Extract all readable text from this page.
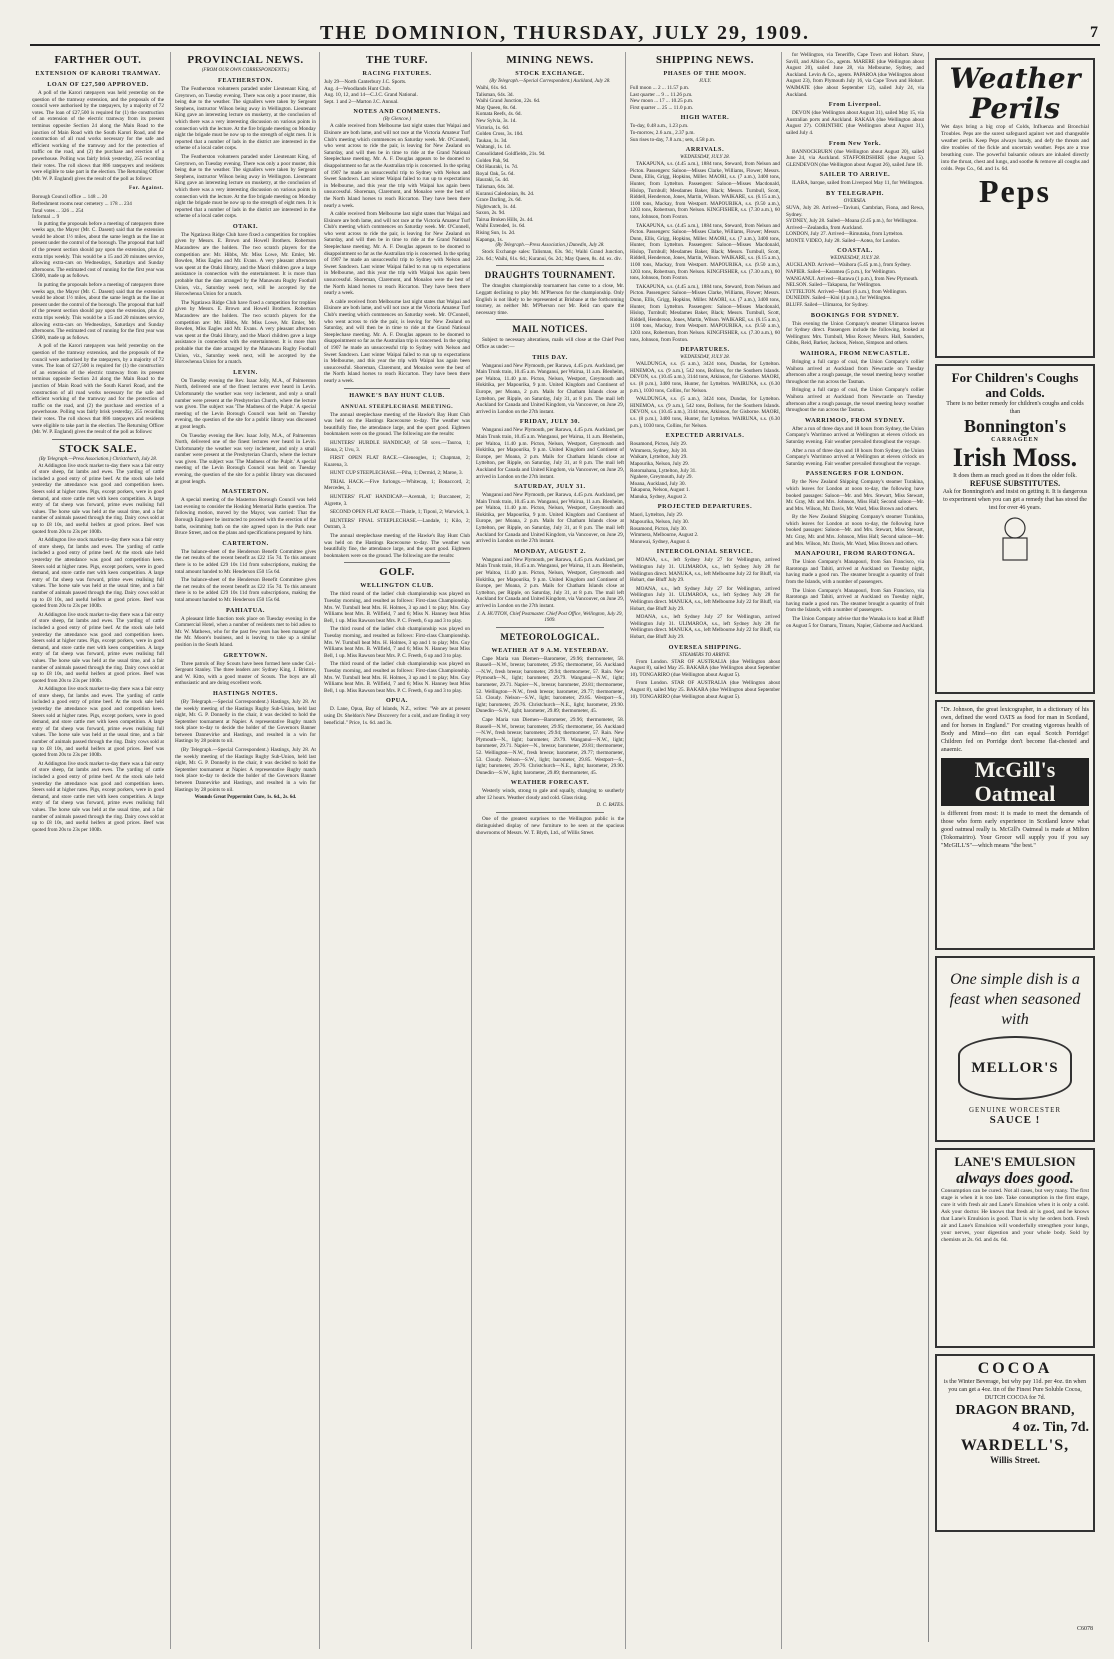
THE DOMINION, THURSDAY, JULY 29, 1909.	7
FARTHER OUT.
EXTENSION OF KARORI TRAMWAY.
LOAN OF £27,500 APPROVED.

A poll of the Karori ratepayers was held yesterday on the question of the tramway extension, and the proposals of the council were authorised by the ratepayers, by a majority of 72 votes. The loan of £27,500 is required for (1) the construction of an extension of the electric tramway from its present terminus opposite Section 24 along the Main Road to the junction of Main Road with the South Karori Road, and the construction of all road works necessary for the safe and efficient working of the tramway and for the protection of traffic on the road, and (2) the purchase and erection of a powerhouse. Polling was fairly brisk yesterday, 255 recording their votes. The roll shows that 886 ratepayers and residents were eligible to take part in the election. The Returning Officer (Mr. W. P. England) gives the result of the poll as follows:

For. Against.
Borough Council office ... 148 ... 20
Refreshment rooms near cemetery ... 178 ... 234
Total votes ... 326 ... 254
Informal ... 9

In putting the proposals before a meeting of ratepayers three weeks ago, the Mayor (Mr. C. Dasent) said that the extension would be about 1½ miles, about the same length as the line at present under the control of the borough. The proposal that half of the present section should pay upon the extension, plus 42 extra trips weekly. This would be a 15 and 20 minutes service, allowing extra-cars on Wednesdays, Saturdays and Sunday afternoons. The estimated cost of running for the first year was £3600, made up as follows.

In putting the proposals before a meeting of ratepayers three weeks ago, the Mayor (Mr. C. Dasent) said that the extension would be about 1½ miles, about the same length as the line at present under the control of the borough. The proposal that half of the present section should pay upon the extension, plus 42 extra trips weekly. This would be a 15 and 20 minutes service, allowing extra-cars on Wednesdays, Saturdays and Sunday afternoons. The estimated cost of running for the first year was £3600, made up as follows.

A poll of the Karori ratepayers was held yesterday on the question of the tramway extension, and the proposals of the council were authorised by the ratepayers, by a majority of 72 votes. The loan of £27,500 is required for (1) the construction of an extension of the electric tramway from its present terminus opposite Section 24 along the Main Road to the junction of Main Road with the South Karori Road, and the construction of all road works necessary for the safe and efficient working of the tramway and for the protection of traffic on the road, and (2) the purchase and erection of a powerhouse. Polling was fairly brisk yesterday, 255 recording their votes. The roll shows that 886 ratepayers and residents were eligible to take part in the election. The Returning Officer (Mr. W. P. England) gives the result of the poll as follows:

STOCK SALE.
(By Telegraph.—Press Association.) Christchurch, July 28.

At Addington live stock market to-day there was a fair entry of store sheep, fat lambs and ewes. The yarding of cattle included a good entry of prime beef. At the stock sale held yesterday the attendance was good and competition keen. Steers sold at higher rates. Pigs, except porkers, were in good demand, and store cattle met with keen competition. A large entry of fat sheep was forward, prime ewes realising full values. The horse sale was held at the usual time, and a fair number of animals passed through the ring. Dairy cows sold at up to £8 10s, and useful heifers at good prices. Beef was quoted from 20s to 23s per 100lb.

At Addington live stock market to-day there was a fair entry of store sheep, fat lambs and ewes. The yarding of cattle included a good entry of prime beef. At the stock sale held yesterday the attendance was good and competition keen. Steers sold at higher rates. Pigs, except porkers, were in good demand, and store cattle met with keen competition. A large entry of fat sheep was forward, prime ewes realising full values. The horse sale was held at the usual time, and a fair number of animals passed through the ring. Dairy cows sold at up to £8 10s, and useful heifers at good prices. Beef was quoted from 20s to 23s per 100lb.

At Addington live stock market to-day there was a fair entry of store sheep, fat lambs and ewes. The yarding of cattle included a good entry of prime beef. At the stock sale held yesterday the attendance was good and competition keen. Steers sold at higher rates. Pigs, except porkers, were in good demand, and store cattle met with keen competition. A large entry of fat sheep was forward, prime ewes realising full values. The horse sale was held at the usual time, and a fair number of animals passed through the ring. Dairy cows sold at up to £8 10s, and useful heifers at good prices. Beef was quoted from 20s to 23s per 100lb.

At Addington live stock market to-day there was a fair entry of store sheep, fat lambs and ewes. The yarding of cattle included a good entry of prime beef. At the stock sale held yesterday the attendance was good and competition keen. Steers sold at higher rates. Pigs, except porkers, were in good demand, and store cattle met with keen competition. A large entry of fat sheep was forward, prime ewes realising full values. The horse sale was held at the usual time, and a fair number of animals passed through the ring. Dairy cows sold at up to £8 10s, and useful heifers at good prices. Beef was quoted from 20s to 23s per 100lb.

At Addington live stock market to-day there was a fair entry of store sheep, fat lambs and ewes. The yarding of cattle included a good entry of prime beef. At the stock sale held yesterday the attendance was good and competition keen. Steers sold at higher rates. Pigs, except porkers, were in good demand, and store cattle met with keen competition. A large entry of fat sheep was forward, prime ewes realising full values. The horse sale was held at the usual time, and a fair number of animals passed through the ring. Dairy cows sold at up to £8 10s, and useful heifers at good prices. Beef was quoted from 20s to 23s per 100lb.

PROVINCIAL NEWS.
(FROM OUR OWN CORRESPONDENTS.)
FEATHERSTON.

The Featherston volunteers paraded under Lieutenant King, of Greytown, on Tuesday evening. There was only a poor muster, this being due to the weather. The signallers were taken by Sergeant Stephens, instructor Wilson being away in Wellington. Lieutenant King gave an interesting lecture on musketry, at the conclusion of which there was a very interesting discussion on various points in connection with the lecture. At the fire brigade meeting on Monday night the brigade must be now up to the strength of eight men. It is reported that a number of lads in the district are interested in the scheme of a local cadet corps.

The Featherston volunteers paraded under Lieutenant King, of Greytown, on Tuesday evening. There was only a poor muster, this being due to the weather. The signallers were taken by Sergeant Stephens, instructor Wilson being away in Wellington. Lieutenant King gave an interesting lecture on musketry, at the conclusion of which there was a very interesting discussion on various points in connection with the lecture. At the fire brigade meeting on Monday night the brigade must be now up to the strength of eight men. It is reported that a number of lads in the district are interested in the scheme of a local cadet corps.

OTAKI.

The Ngatiawa Ridge Club have fixed a competition for trophies given by Messrs. E. Brown and Howell Brothers. Robertson Macandrew are the holders. The two scratch players for the competition are: Mr. Hibbs, Mr. Miss Lowe, Mr. Emler, Mr. Bowden, Miss Eagles and Mr. Evans. A very pleasant afternoon was spent at the Otaki library, and the Maori children gave a large assistance in connection with the entertainment. It is more than probable that the date arranged by the Manawatu Rugby Football Union, viz., Saturday week next, will be accepted by the Horowhenua Union for a match.

The Ngatiawa Ridge Club have fixed a competition for trophies given by Messrs. E. Brown and Howell Brothers. Robertson Macandrew are the holders. The two scratch players for the competition are: Mr. Hibbs, Mr. Miss Lowe, Mr. Emler, Mr. Bowden, Miss Eagles and Mr. Evans. A very pleasant afternoon was spent at the Otaki library, and the Maori children gave a large assistance in connection with the entertainment. It is more than probable that the date arranged by the Manawatu Rugby Football Union, viz., Saturday week next, will be accepted by the Horowhenua Union for a match.

LEVIN.

On Tuesday evening the Rev. Isaac Jolly, M.A., of Palmerston North, delivered one of the finest lectures ever heard in Levin. Unfortunately the weather was very inclement, and only a small number were present at the Presbyterian Church, where the lecture was given. The subject was 'The Madness of the Pulpit.' A special meeting of the Levin Borough Council was held on Tuesday evening, the question of the site for a public library was discussed at great length.

On Tuesday evening the Rev. Isaac Jolly, M.A., of Palmerston North, delivered one of the finest lectures ever heard in Levin. Unfortunately the weather was very inclement, and only a small number were present at the Presbyterian Church, where the lecture was given. The subject was 'The Madness of the Pulpit.' A special meeting of the Levin Borough Council was held on Tuesday evening, the question of the site for a public library was discussed at great length.

MASTERTON.

A special meeting of the Masterton Borough Council was held last evening to consider the Hosking Memorial Baths question. The following motion, moved by the Mayor, was carried: That the Borough Engineer be instructed to proceed with the erection of the baths, swimming bath on the site agreed upon in the Park near Bruce Street, and on the plans and specifications prepared by him.

CARTERTON.

The balance-sheet of the Henderson Benefit Committee gives the net results of the recent benefit as £22 15s 7d. To this amount there is to be added £29 10s 11d from subscriptions, making the total amount handed to Mr. Henderson £50 15s 6d.

The balance-sheet of the Henderson Benefit Committee gives the net results of the recent benefit as £22 15s 7d. To this amount there is to be added £29 10s 11d from subscriptions, making the total amount handed to Mr. Henderson £50 15s 6d.

PAHIATUA.

A pleasant little function took place on Tuesday evening in the Commercial Hotel, when a number of residents met to bid adieu to Mr. W. Mathews, who for the past few years has been manager of the Mr. Moore's business, and is leaving to take up a similar position in the South Island.

GREYTOWN.

Three patrols of Boy Scouts have been formed here under Col.-Sergeant Stanley. The three leaders are: Sydney King, J. Bristow, and W. Kitto, with a good muster of Scouts. The boys are all enthusiastic and are doing excellent work.

HASTINGS NOTES.

(By Telegraph.—Special Correspondent.) Hastings, July 28. At the weekly meeting of the Hastings Rugby Sub-Union, held last night, Mr. G. P. Donnelly in the chair, it was decided to hold the September tournament at Napier. A representative Rugby match took place to-day to decide the holder of the Governors Banner between Dannevirke and Hastings, and resulted in a win for Hastings by 28 points to nil.

(By Telegraph.—Special Correspondent.) Hastings, July 28. At the weekly meeting of the Hastings Rugby Sub-Union, held last night, Mr. G. P. Donnelly in the chair, it was decided to hold the September tournament at Napier. A representative Rugby match took place to-day to decide the holder of the Governors Banner between Dannevirke and Hastings, and resulted in a win for Hastings by 28 points to nil.

Wounds Great Peppermint Cure, 1s. 6d., 2s. 6d.
THE TURF.
RACING FIXTURES.
July 29—North Canterbury J.C. Sports.
Aug. 4—Woodlands Hunt Club.
Aug. 10, 12, and 14—C.J.C. Grand National.
Sept. 1 and 2—Marton J.C. Annual.
NOTES AND COMMENTS.
(By Glencoe.)

A cable received from Melbourne last night states that Waipai and Elsinore are both lame, and will not race at the Victoria Amateur Turf Club's meeting which commences on Saturday week. Mr. O'Connell, who went across to ride the pair, is leaving for New Zealand on Saturday, and will then be in time to ride at the Grand National Steeplechase meeting. Mr. A. F. Douglas appears to be doomed to disappointment so far as the Australian trip is concerned. In the spring of 1907 he made an unsuccessful trip to Sydney with Nelson and Sweet Sandown. Last winter Waipai failed to run up to expectations in Melbourne, and this year the trip with Waipai has again been unsuccessful. Shoreman, Claremont, and Monaloo were the best of the North Island horses to reach Riccarton. They have been there nearly a week.

A cable received from Melbourne last night states that Waipai and Elsinore are both lame, and will not race at the Victoria Amateur Turf Club's meeting which commences on Saturday week. Mr. O'Connell, who went across to ride the pair, is leaving for New Zealand on Saturday, and will then be in time to ride at the Grand National Steeplechase meeting. Mr. A. F. Douglas appears to be doomed to disappointment so far as the Australian trip is concerned. In the spring of 1907 he made an unsuccessful trip to Sydney with Nelson and Sweet Sandown. Last winter Waipai failed to run up to expectations in Melbourne, and this year the trip with Waipai has again been unsuccessful. Shoreman, Claremont, and Monaloo were the best of the North Island horses to reach Riccarton. They have been there nearly a week.

A cable received from Melbourne last night states that Waipai and Elsinore are both lame, and will not race at the Victoria Amateur Turf Club's meeting which commences on Saturday week. Mr. O'Connell, who went across to ride the pair, is leaving for New Zealand on Saturday, and will then be in time to ride at the Grand National Steeplechase meeting. Mr. A. F. Douglas appears to be doomed to disappointment so far as the Australian trip is concerned. In the spring of 1907 he made an unsuccessful trip to Sydney with Nelson and Sweet Sandown. Last winter Waipai failed to run up to expectations in Melbourne, and this year the trip with Waipai has again been unsuccessful. Shoreman, Claremont, and Monaloo were the best of the North Island horses to reach Riccarton. They have been there nearly a week.

HAWKE'S BAY HUNT CLUB.
ANNUAL STEEPLECHASE MEETING.

The annual steeplechase meeting of the Hawke's Bay Hunt Club was held on the Hastings Racecourse to-day. The weather was beautifully fine, the attendance large, and the sport good. Eighteen bookmakers were on the ground. The following are the results:

HUNTERS' HURDLE HANDICAP, of 50 sovs.—Tauroa, 1; Hiona, 2; Uvu, 3.

FIRST OPEN FLAT RACE.—Gleneagles, 1; Chapman, 2; Kuarena, 3.

HUNT CUP STEEPLECHASE.—Piha, 1; Dermid, 2; Maroe, 3.

TRIAL HACK.—Five furlongs.—Whitecap, 1; Bonaccord, 2; Mercedes, 3.

HUNTERS' FLAT HANDICAP.—Acemah, 1; Buccaneer, 2; Aigrette, 3.

SECOND OPEN FLAT RACE.—Thistle, 1; Tiponi, 2; Warwick, 3.

HUNTERS' FINAL STEEPLECHASE.—Landale, 1; Kilo, 2; Outram, 3.

The annual steeplechase meeting of the Hawke's Bay Hunt Club was held on the Hastings Racecourse to-day. The weather was beautifully fine, the attendance large, and the sport good. Eighteen bookmakers were on the ground. The following are the results:

GOLF.
WELLINGTON CLUB.

The third round of the ladies' club championship was played on Tuesday morning, and resulted as follows: First-class Championship. Mrs. W. Turnbull beat Mrs. H. Holmes, 3 up and 1 to play; Mrs. Guy Williams beat Mrs. B. Wilfield, 7 and 6; Miss N. Hanney beat Miss Bell, 1 up. Miss Rawson beat Mrs. P. C. Freeth, 6 up and 3 to play.

The third round of the ladies' club championship was played on Tuesday morning, and resulted as follows: First-class Championship. Mrs. W. Turnbull beat Mrs. H. Holmes, 3 up and 1 to play; Mrs. Guy Williams beat Mrs. B. Wilfield, 7 and 6; Miss N. Hanney beat Miss Bell, 1 up. Miss Rawson beat Mrs. P. C. Freeth, 6 up and 3 to play.

The third round of the ladies' club championship was played on Tuesday morning, and resulted as follows: First-class Championship. Mrs. W. Turnbull beat Mrs. H. Holmes, 3 up and 1 to play; Mrs. Guy Williams beat Mrs. B. Wilfield, 7 and 6; Miss N. Hanney beat Miss Bell, 1 up. Miss Rawson beat Mrs. P. C. Freeth, 6 up and 3 to play.

OPUA.

D. Lane, Opua, Bay of Islands, N.Z., writes: "We are at present using Dr. Sheldon's New Discovery for a cold, and are finding it very beneficial." Price, 1s. 6d. and 3s.

MINING NEWS.
STOCK EXCHANGE.
(By Telegraph.—Special Correspondent.) Auckland, July 28.
Waihi, 61s. 6d.
Talisman, 64s. 3d.
Waihi Grand Junction, 22s. 6d.
May Queen, 8s. 6d.
Komata Reefs, 4s. 6d.
New Sylvia, 3s. 1d.
Victoria, 1s. 6d.
Golden Cross, 3s. 10d.
Taukau, 1s. 3d.
Waitangi, 1s. 1d.
Consolidated Goldfields, 21s. 9d.
Golden Pah, 9d.
Old Hauraki, 1s. 7d.
Royal Oak, 5s. 6d.
Hauraki, 5s. 4d.
Talisman, 64s. 3d.
Kuranui Caledonian, 8s. 2d.
Grace Darling, 2s. 6d.
Nightwatch, 1s. 4d.
Saxon, 2s. 9d.
Tairua Broken Hills, 2s. 4d.
Waihi Extended, 1s. 6d.
Rising Sun, 1s. 2d.
Kapanga, 1s.
(By Telegraph.—Press Association.) Dunedin, July 28.

Stock Exchange sales: Talisman, 63s. 9d.; Waihi Grand Junction, 22s. 6d.; Waihi, 61s. 6d.; Kuranui, 6s. 2d.; May Queen, 8s. 4d. ex. div.

DRAUGHTS TOURNAMENT.

The draughts championship tournament has come to a close, Mr. Leggatt declining to play Mr. M'Pherson for the championship. Only English is not likely to be represented at Brisbane at the forthcoming tourney, as neither Mr. M'Pherson nor Mr. Reid can spare the necessary time.

MAIL NOTICES.

Subject to necessary alterations, mails will close at the Chief Post Office as under:—

THIS DAY.

Wanganui and New Plymouth, per Rarawa, 4.45 p.m. Auckland, per Main Trunk train, 10.45 a.m. Wanganui, per Wairua, 11 a.m. Blenheim, per Waitoa, 11.40 p.m. Picton, Nelson, Westport, Greymouth and Hokitika, per Mapourika, 9 p.m. United Kingdom and Continent of Europe, per Moana, 2 p.m. Mails for Chatham Islands close at Lyttelton, per Ripple, on Saturday, July 31, at 8 p.m. The mail left Auckland for Canada and United Kingdom, via Vancouver, on June 29, arrived in London on the 27th instant.

FRIDAY, JULY 30.

Wanganui and New Plymouth, per Rarawa, 4.45 p.m. Auckland, per Main Trunk train, 10.45 a.m. Wanganui, per Wairua, 11 a.m. Blenheim, per Waitoa, 11.40 p.m. Picton, Nelson, Westport, Greymouth and Hokitika, per Mapourika, 9 p.m. United Kingdom and Continent of Europe, per Moana, 2 p.m. Mails for Chatham Islands close at Lyttelton, per Ripple, on Saturday, July 31, at 8 p.m. The mail left Auckland for Canada and United Kingdom, via Vancouver, on June 29, arrived in London on the 27th instant.

SATURDAY, JULY 31.

Wanganui and New Plymouth, per Rarawa, 4.45 p.m. Auckland, per Main Trunk train, 10.45 a.m. Wanganui, per Wairua, 11 a.m. Blenheim, per Waitoa, 11.40 p.m. Picton, Nelson, Westport, Greymouth and Hokitika, per Mapourika, 9 p.m. United Kingdom and Continent of Europe, per Moana, 2 p.m. Mails for Chatham Islands close at Lyttelton, per Ripple, on Saturday, July 31, at 8 p.m. The mail left Auckland for Canada and United Kingdom, via Vancouver, on June 29, arrived in London on the 27th instant.

MONDAY, AUGUST 2.

Wanganui and New Plymouth, per Rarawa, 4.45 p.m. Auckland, per Main Trunk train, 10.45 a.m. Wanganui, per Wairua, 11 a.m. Blenheim, per Waitoa, 11.40 p.m. Picton, Nelson, Westport, Greymouth and Hokitika, per Mapourika, 9 p.m. United Kingdom and Continent of Europe, per Moana, 2 p.m. Mails for Chatham Islands close at Lyttelton, per Ripple, on Saturday, July 31, at 8 p.m. The mail left Auckland for Canada and United Kingdom, via Vancouver, on June 29, arrived in London on the 27th instant.

J. A. HUTTON, Chief Postmaster. Chief Post Office, Wellington, July 29, 1909.
METEOROLOGICAL.
WEATHER AT 9 A.M. YESTERDAY.

Cape Maria van Diemen—Barometer, 29.96; thermometer, 58. Russell—N.W., breeze; barometer, 29.95; thermometer, 56. Auckland—N.W., fresh breeze; barometer, 29.94; thermometer, 57. Rain. New Plymouth—N., light; barometer, 29.79. Wanganui—N.W., light; barometer, 29.71. Napier—N., breeze; barometer, 29.81; thermometer, 52. Wellington—N.W., fresh breeze; barometer, 29.77; thermometer, 53. Cloudy. Nelson—S.W., light; barometer, 29.85. Westport—S., light; barometer, 29.76. Christchurch—N.E., light; barometer, 29.90. Dunedin—S.W., light; barometer, 29.89; thermometer, 45.

Cape Maria van Diemen—Barometer, 29.96; thermometer, 58. Russell—N.W., breeze; barometer, 29.95; thermometer, 56. Auckland—N.W., fresh breeze; barometer, 29.94; thermometer, 57. Rain. New Plymouth—N., light; barometer, 29.79. Wanganui—N.W., light; barometer, 29.71. Napier—N., breeze; barometer, 29.81; thermometer, 52. Wellington—N.W., fresh breeze; barometer, 29.77; thermometer, 53. Cloudy. Nelson—S.W., light; barometer, 29.85. Westport—S., light; barometer, 29.76. Christchurch—N.E., light; barometer, 29.90. Dunedin—S.W., light; barometer, 29.89; thermometer, 45.

WEATHER FORECAST.

Westerly winds, strong to gale and squally, changing to southerly after 12 hours. Weather cloudy and cold. Glass rising.

D. C. BATES.

One of the greatest surprises to the Wellington public is the distinguished display of new furniture to be seen at the spacious showrooms of Messrs. W. T. Blyth, Ltd., of Willis Street.

SHIPPING NEWS.
PHASES OF THE MOON.
JULY.
Full moon ... 2 ... 11.57 p.m.
Last quarter ... 9 ... 11.26 p.m.
New moon ... 17 ... 10.25 p.m.
First quarter ... 25 ... 11.0 p.m.
HIGH WATER.
To-day, 0.48 a.m., 1.23 p.m.
To-morrow, 2.6 a.m., 2.37 p.m.
Sun rises to-day, 7.8 a.m.; sets, 4.58 p.m.
ARRIVALS.
WEDNESDAY, JULY 28.

TAKAPUNA, s.s. (4.45 a.m.), 1884 tons, Steward, from Nelson and Picton. Passengers: Saloon—Misses Clarke, Williams, Flower; Messrs. Dunn, Ellis, Grigg, Hopkins, Miller. MAORI, s.s. (7 a.m.), 3400 tons, Hunter, from Lyttelton. Passengers: Saloon—Misses Macdonald, Hislop, Turnbull; Mesdames Baker, Black; Messrs. Turnbull, Scott, Riddell, Henderson, Jones, Martin, Wilson. WAIKARE, s.s. (6.15 a.m.), 1100 tons, Mackay, from Westport. MAPOURIKA, s.s. (9.50 a.m.), 1203 tons, Robertson, from Nelson. KINGFISHER, s.s. (7.30 a.m.), 60 tons, Johnson, from Foxton.

TAKAPUNA, s.s. (4.45 a.m.), 1884 tons, Steward, from Nelson and Picton. Passengers: Saloon—Misses Clarke, Williams, Flower; Messrs. Dunn, Ellis, Grigg, Hopkins, Miller. MAORI, s.s. (7 a.m.), 3400 tons, Hunter, from Lyttelton. Passengers: Saloon—Misses Macdonald, Hislop, Turnbull; Mesdames Baker, Black; Messrs. Turnbull, Scott, Riddell, Henderson, Jones, Martin, Wilson. WAIKARE, s.s. (6.15 a.m.), 1100 tons, Mackay, from Westport. MAPOURIKA, s.s. (9.50 a.m.), 1203 tons, Robertson, from Nelson. KINGFISHER, s.s. (7.30 a.m.), 60 tons, Johnson, from Foxton.

TAKAPUNA, s.s. (4.45 a.m.), 1884 tons, Steward, from Nelson and Picton. Passengers: Saloon—Misses Clarke, Williams, Flower; Messrs. Dunn, Ellis, Grigg, Hopkins, Miller. MAORI, s.s. (7 a.m.), 3400 tons, Hunter, from Lyttelton. Passengers: Saloon—Misses Macdonald, Hislop, Turnbull; Mesdames Baker, Black; Messrs. Turnbull, Scott, Riddell, Henderson, Jones, Martin, Wilson. WAIKARE, s.s. (6.15 a.m.), 1100 tons, Mackay, from Westport. MAPOURIKA, s.s. (9.50 a.m.), 1203 tons, Robertson, from Nelson. KINGFISHER, s.s. (7.30 a.m.), 60 tons, Johnson, from Foxton.

DEPARTURES.
WEDNESDAY, JULY 28.

WALDUNGA, s.s. (5 a.m.), 3424 tons, Dundas, for Lyttelton. HINEMOA, s.s. (9 a.m.), 542 tons, Bollons, for the Southern Islands. DEVON, s.s. (10.45 a.m.), 3144 tons, Atkinson, for Gisborne. MAORI, s.s. (8 p.m.), 3400 tons, Hunter, for Lyttelton. WAIRUNA, s.s. (6.30 p.m.), 1030 tons, Collins, for Nelson.

WALDUNGA, s.s. (5 a.m.), 3424 tons, Dundas, for Lyttelton. HINEMOA, s.s. (9 a.m.), 542 tons, Bollons, for the Southern Islands. DEVON, s.s. (10.45 a.m.), 3144 tons, Atkinson, for Gisborne. MAORI, s.s. (8 p.m.), 3400 tons, Hunter, for Lyttelton. WAIRUNA, s.s. (6.30 p.m.), 1030 tons, Collins, for Nelson.

EXPECTED ARRIVALS.
Rosamond, Picton, July 29.
Wimmera, Sydney, July 30.
Waikare, Lyttelton, July 29.
Mapourika, Nelson, July 29.
Rotomahana, Lyttelton, July 31.
Ngahere, Greymouth, July 29.
Moana, Auckland, July 30.
Takapuna, Nelson, August 1.
Manuka, Sydney, August 2.
PROJECTED DEPARTURES.
Maori, Lyttelton, July 29.
Mapourika, Nelson, July 30.
Rosamond, Picton, July 30.
Wimmera, Melbourne, August 2.
Monowai, Sydney, August 4.
INTERCOLONIAL SERVICE.

MOANA, s.s., left Sydney July 27 for Wellington, arrived Wellington July 31. ULIMAROA, s.s., left Sydney July 28 for Wellington direct. MANUKA, s.s., left Melbourne July 22 for Bluff, via Hobart, due Bluff July 29.

MOANA, s.s., left Sydney July 27 for Wellington, arrived Wellington July 31. ULIMAROA, s.s., left Sydney July 28 for Wellington direct. MANUKA, s.s., left Melbourne July 22 for Bluff, via Hobart, due Bluff July 29.

MOANA, s.s., left Sydney July 27 for Wellington, arrived Wellington July 31. ULIMAROA, s.s., left Sydney July 28 for Wellington direct. MANUKA, s.s., left Melbourne July 22 for Bluff, via Hobart, due Bluff July 29.

OVERSEA SHIPPING.
STEAMERS TO ARRIVE.

From London. STAR OF AUSTRALIA (due Wellington about August 8), sailed May 25. BAKARA (due Wellington about September 10). TONGARIRO (due Wellington about August 5).

From London. STAR OF AUSTRALIA (due Wellington about August 8), sailed May 25. BAKARA (due Wellington about September 10). TONGARIRO (due Wellington about August 5).

for Wellington, via Teneriffe, Cape Town and Hobart. Shaw, Savill, and Albion Co., agents. MARERE (due Wellington about August 20), sailed June 28, via Melbourne, Sydney, and Auckland. Levin & Co., agents. PAPAROA (due Wellington about August 23), from Plymouth July 16, via Cape Town and Hobart. WAIMATE (due about September 12), sailed July 24, via Auckland.

From Liverpool.

DEVON (due Wellington about August 31), sailed May 15, via Australian ports and Auckland. RAKAIA (due Wellington about August 27). CORINTHIC (due Wellington about August 31), sailed July 4.

From New York.

BANNOCKBURN (due Wellington about August 20), sailed June 24, via Auckland. STAFFORDSHIRE (due August 5). GLENDEVON (due Wellington about August 26), sailed June 18.

SAILER TO ARRIVE.

ILABA, barque, sailed from Liverpool May 11, for Wellington.

BY TELEGRAPH.
OVERSEA.
SUVA, July 28. Arrived—Taviuni, Cambrian, Fiona, and Rewa, Sydney.
SYDNEY, July 28. Sailed—Moana (2.45 p.m.), for Wellington.
Arrived—Zealandia, from Auckland.
LONDON, July 27. Arrived—Rimutaka, from Lyttelton.
MONTE VIDEO, July 28. Sailed—Aotea, for London.
COASTAL.
WEDNESDAY, JULY 28.
AUCKLAND. Arrived—Waihora (5.45 p.m.), from Sydney.
NAPIER. Sailed—Karamea (5 p.m.), for Wellington.
WANGANUI. Arrived—Rarawa (1 p.m.), from New Plymouth.
NELSON. Sailed—Takapuna, for Wellington.
LYTTELTON. Arrived—Maori (6 a.m.), from Wellington.
DUNEDIN. Sailed—Kini (4 p.m.), for Wellington.
BLUFF. Sailed—Ulimaroa, for Sydney.
BOOKINGS FOR SYDNEY.

This evening the Union Company's steamer Ulimaroa leaves for Sydney direct. Passengers include the following, booked at Wellington: Mrs. Turnbull, Miss Rowe; Messrs. Hall, Saunders, Gibbs, Reid, Barker, Jackson, Nelson, Simpson and others.

WAIHORA, FROM NEWCASTLE.

Bringing a full cargo of coal, the Union Company's collier Waihora arrived at Auckland from Newcastle on Tuesday afternoon after a rough passage, the vessel meeting heavy weather throughout the run across the Tasman.

Bringing a full cargo of coal, the Union Company's collier Waihora arrived at Auckland from Newcastle on Tuesday afternoon after a rough passage, the vessel meeting heavy weather throughout the run across the Tasman.

WARRIMOO, FROM SYDNEY.

After a run of three days and 18 hours from Sydney, the Union Company's Warrimoo arrived at Wellington at eleven o'clock on Saturday evening. Fair weather prevailed throughout the voyage.

After a run of three days and 18 hours from Sydney, the Union Company's Warrimoo arrived at Wellington at eleven o'clock on Saturday evening. Fair weather prevailed throughout the voyage.

PASSENGERS FOR LONDON.

By the New Zealand Shipping Company's steamer Turakina, which leaves for London at noon to-day, the following have booked passages: Saloon—Mr. and Mrs. Stewart, Miss Stewart, Mr. Gray, Mr. and Mrs. Johnson, Miss Hall; Second saloon—Mr. and Mrs. Wilson, Mr. Davis, Mr. Ward, Miss Brown and others.

By the New Zealand Shipping Company's steamer Turakina, which leaves for London at noon to-day, the following have booked passages: Saloon—Mr. and Mrs. Stewart, Miss Stewart, Mr. Gray, Mr. and Mrs. Johnson, Miss Hall; Second saloon—Mr. and Mrs. Wilson, Mr. Davis, Mr. Ward, Miss Brown and others.

MANAPOURI, FROM RAROTONGA.

The Union Company's Manapouri, from San Francisco, via Rarotonga and Tahiti, arrived at Auckland on Tuesday night, having made a good run. The steamer brought a quantity of fruit from the Islands, with a number of passengers.

The Union Company's Manapouri, from San Francisco, via Rarotonga and Tahiti, arrived at Auckland on Tuesday night, having made a good run. The steamer brought a quantity of fruit from the Islands, with a number of passengers.

The Union Company advise that the Wanaka is to load at Bluff on August 5 for Oamaru, Timaru, Napier, Gisborne and Auckland.

Weather Perils
Wet days bring a big crop of Colds, Influenza and Bronchial Troubles. Peps are the surest safeguard against wet and changeable weather perils. Keep Peps always handy, and defy the threats and dire troubles of the fickle and uncertain weather. Peps are a true breathing cure. The powerful balsamic odours are inhaled directly into the throat, chest and lungs, and soothe & remove all coughs and colds. Peps Co., 6d. and 1s. 6d.
Peps
For Children's Coughs and Colds.
There is no better remedy for children's coughs and colds than
Bonnington's
CARRAGEEN
Irish Moss.
It does them as much good as it does the older folk.
REFUSE SUBSTITUTES.
Ask for Bonnington's and insist on getting it. It is dangerous to experiment when you can get a remedy that has stood the test for over 46 years.
"Dr. Johnson, the great lexicographer, in a dictionary of his own, defined the word OATS as food for man in Scotland, and for horses in England." For creating vigorous health of Body and Mind—no dirt can equal Scotch Porridge! Children fed on Porridge don't become flat-chested and anaemic.
McGill's Oatmeal
is different from most: it is made to meet the demands of those who form early experience in Scotland know what good oatmeal really is. McGill's Oatmeal is made at Milton (Tokomairiro). Your Grocer will supply you if you say "McGILL'S"—which means "the best."
One simple dish is a feast when seasoned with
MELLOR'S
GENUINE WORCESTER
SAUCE !
LANE'S EMULSION
always does good.
Consumption can be cured. Not all cases, but very many. The first stage is when it is too late. Take consumption in the first stage, cure it with fresh air and Lane's Emulsion when it is only a cold. Ask your doctor. He knows that fresh air is good, and he knows that Lane's Emulsion is good. That is why he orders both. Fresh air and Lane's Emulsion will wonderfully strengthen your lungs, your nerves, your digestion and your whole body. Sold by chemists at 2s. 6d. and 4s. 6d.
COCOA
is the Winter Beverage, but why pay 11d. per 4oz. tin when you can get a 4oz. tin of the Finest Pure Soluble Cocoa, DUTCH COCOA for 7d.
DRAGON BRAND,
4 oz. Tin, 7d.
WARDELL'S,
Willis Street.
C6078
